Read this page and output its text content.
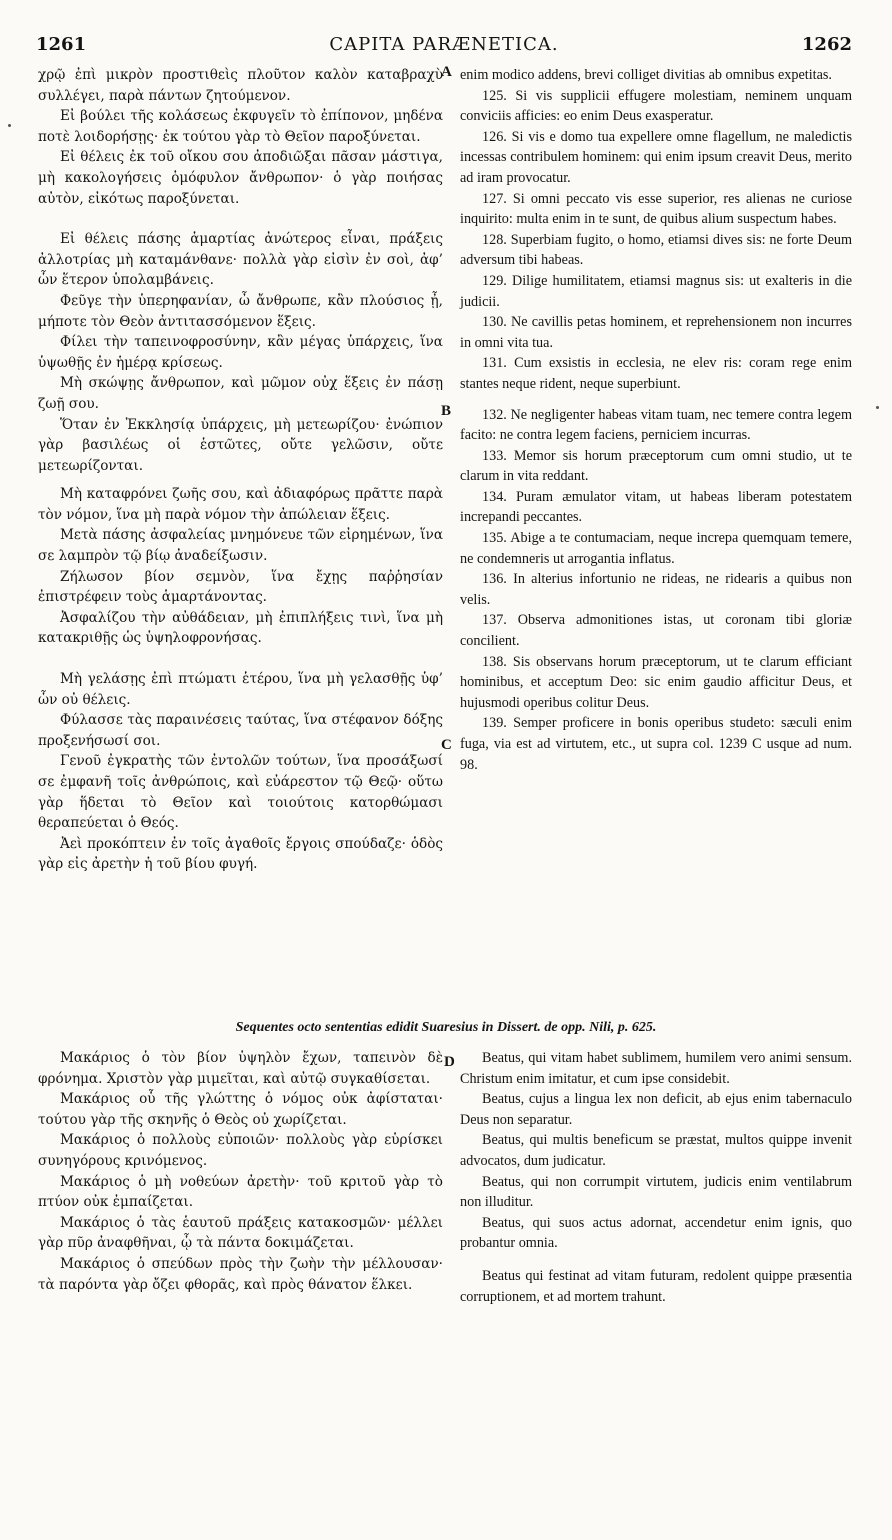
1261	CAPITA PARÆNETICA.	1262
A
B
C
D

χρῷ ἐπὶ μικρὸν προστιθεὶς πλοῦτον καλὸν καταβραχὺ συλλέγει, παρὰ πάντων ζητούμενον.

Εἰ βούλει τῆς κολάσεως ἐκφυγεῖν τὸ ἐπίπονον, μηδένα ποτὲ λοιδορήσῃς· ἐκ τούτου γὰρ τὸ Θεῖον παροξύνεται.

Εἰ θέλεις ἐκ τοῦ οἴκου σου ἀποδιῶξαι πᾶσαν μάστιγα, μὴ κακολογήσεις ὁμόφυλον ἄνθρωπον· ὁ γὰρ ποιήσας αὐτὸν, εἰκότως παροξύνεται.

Εἰ θέλεις πάσης ἁμαρτίας ἀνώτερος εἶναι, πράξεις ἀλλοτρίας μὴ καταμάνθανε· πολλὰ γὰρ εἰσὶν ἐν σοὶ, ἀφ’ ὧν ἕτερον ὑπολαμβάνεις.

Φεῦγε τὴν ὑπερηφανίαν, ὦ ἄνθρωπε, κἂν πλούσιος ᾖ, μήποτε τὸν Θεὸν ἀντιτασσόμενον ἕξεις.

Φίλει τὴν ταπεινοφροσύνην, κἂν μέγας ὑπάρχεις, ἵνα ὑψωθῇς ἐν ἡμέρᾳ κρίσεως.

Μὴ σκώψῃς ἄνθρωπον, καὶ μῶμον οὐχ ἕξεις ἐν πάσῃ ζωῇ σου.

Ὅταν ἐν Ἐκκλησίᾳ ὑπάρχεις, μὴ μετεωρίζου· ἐνώπιον γὰρ βασιλέως οἱ ἑστῶτες, οὔτε γελῶσιν, οὔτε μετεωρίζονται.

Μὴ καταφρόνει ζωῆς σου, καὶ ἀδιαφόρως πρᾶττε παρὰ τὸν νόμον, ἵνα μὴ παρὰ νόμον τὴν ἀπώλειαν ἕξεις.

Μετὰ πάσης ἀσφαλείας μνημόνευε τῶν εἰρημένων, ἵνα σε λαμπρὸν τῷ βίῳ ἀναδείξωσιν.

Ζήλωσον βίον σεμνὸν, ἵνα ἔχῃς παῤῥησίαν ἐπιστρέφειν τοὺς ἁμαρτάνοντας.

Ἀσφαλίζου τὴν αὐθάδειαν, μὴ ἐπιπλήξεις τινὶ, ἵνα μὴ κατακριθῇς ὡς ὑψηλοφρονήσας.

Μὴ γελάσῃς ἐπὶ πτώματι ἑτέρου, ἵνα μὴ γελασθῇς ὑφ’ ὧν οὐ θέλεις.

Φύλασσε τὰς παραινέσεις ταύτας, ἵνα στέφανον δόξης προξενήσωσί σοι.

Γενοῦ ἐγκρατὴς τῶν ἐντολῶν τούτων, ἵνα προσάξωσί σε ἐμφανῆ τοῖς ἀνθρώποις, καὶ εὐάρεστον τῷ Θεῷ· οὕτω γὰρ ἥδεται τὸ Θεῖον καὶ τοιούτοις κατορθώμασι θεραπεύεται ὁ Θεός.

Ἀεὶ προκόπτειν ἐν τοῖς ἀγαθοῖς ἔργοις σπούδαζε· ὁδὸς γὰρ εἰς ἀρετὴν ἡ τοῦ βίου φυγή.

enim modico addens, brevi colliget divitias ab omnibus expetitas.

125. Si vis supplicii effugere molestiam, neminem unquam conviciis afficies: eo enim Deus exasperatur.

126. Si vis e domo tua expellere omne flagellum, ne maledictis incessas contribulem hominem: qui enim ipsum creavit Deus, merito ad iram provocatur.

127. Si omni peccato vis esse superior, res alienas ne curiose inquirito: multa enim in te sunt, de quibus alium suspectum habes.

128. Superbiam fugito, o homo, etiamsi dives sis: ne forte Deum adversum tibi habeas.

129. Dilige humilitatem, etiamsi magnus sis: ut exalteris in die judicii.

130. Ne cavillis petas hominem, et reprehensionem non incurres in omni vita tua.

131. Cum exsistis in ecclesia, ne elev ris: coram rege enim stantes neque rident, neque superbiunt.

132. Ne negligenter habeas vitam tuam, nec temere contra legem facito: ne contra legem faciens, perniciem incurras.

133. Memor sis horum præceptorum cum omni studio, ut te clarum in vita reddant.

134. Puram æmulator vitam, ut habeas liberam potestatem increpandi peccantes.

135. Abige a te contumaciam, neque increpa quemquam temere, ne condemneris ut arrogantia inflatus.

136. In alterius infortunio ne rideas, ne ridearis a quibus non velis.

137. Observa admonitiones istas, ut coronam tibi gloriæ concilient.

138. Sis observans horum præceptorum, ut te clarum efficiant hominibus, et acceptum Deo: sic enim gaudio afficitur Deus, et hujusmodi operibus colitur Deus.

139. Semper proficere in bonis operibus studeto: sæculi enim fuga, via est ad virtutem, etc., ut supra col. 1239 C usque ad num. 98.

Sequentes octo sententias edidit Suaresius in Dissert. de opp. Nili, p. 625.

Μακάριος ὁ τὸν βίον ὑψηλὸν ἔχων, ταπεινὸν δὲ φρόνημα. Χριστὸν γὰρ μιμεῖται, καὶ αὐτῷ συγκαθίσεται.

Μακάριος οὗ τῆς γλώττης ὁ νόμος οὐκ ἀφίσταται· τούτου γὰρ τῆς σκηνῆς ὁ Θεὸς οὐ χωρίζεται.

Μακάριος ὁ πολλοὺς εὐποιῶν· πολλοὺς γὰρ εὑρίσκει συνηγόρους κρινόμενος.

Μακάριος ὁ μὴ νοθεύων ἀρετὴν· τοῦ κριτοῦ γὰρ τὸ πτύον οὐκ ἐμπαίζεται.

Μακάριος ὁ τὰς ἑαυτοῦ πράξεις κατακοσμῶν· μέλλει γὰρ πῦρ ἀναφθῆναι, ᾧ τὰ πάντα δοκιμάζεται.

Μακάριος ὁ σπεύδων πρὸς τὴν ζωὴν τὴν μέλλουσαν· τὰ παρόντα γὰρ ὄζει φθορᾶς, καὶ πρὸς θάνατον ἕλκει.

Beatus, qui vitam habet sublimem, humilem vero animi sensum. Christum enim imitatur, et cum ipse considebit.

Beatus, cujus a lingua lex non deficit, ab ejus enim tabernaculo Deus non separatur.

Beatus, qui multis beneficum se præstat, multos quippe invenit advocatos, dum judicatur.

Beatus, qui non corrumpit virtutem, judicis enim ventilabrum non illuditur.

Beatus, qui suos actus adornat, accendetur enim ignis, quo probantur omnia.

Beatus qui festinat ad vitam futuram, redolent quippe præsentia corruptionem, et ad mortem trahunt.
